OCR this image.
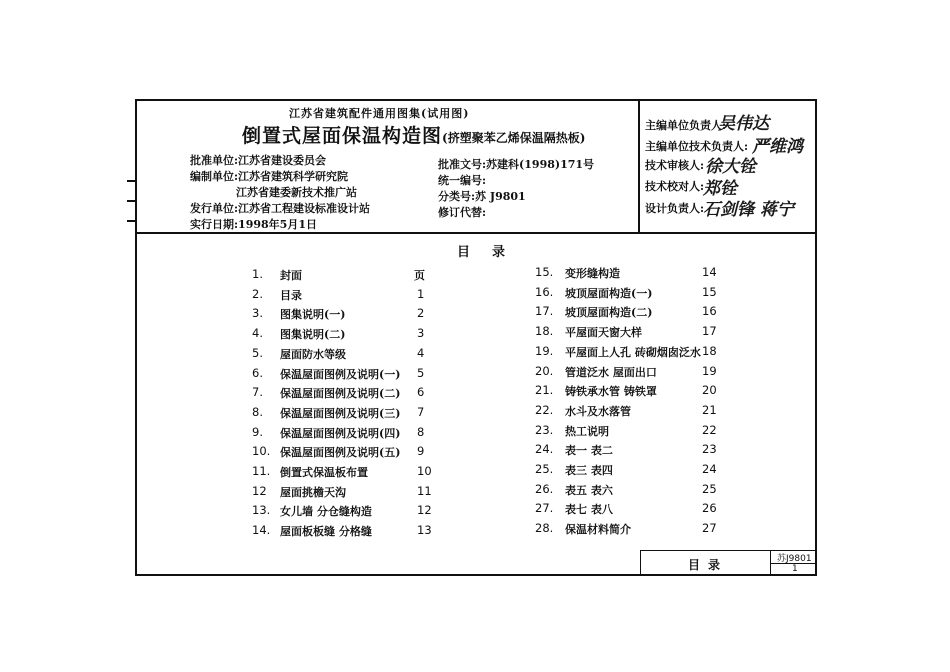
江苏省建筑配件通用图集(试用图)
倒置式屋面保温构造图(挤塑聚苯乙烯保温隔热板)
批准单位:江苏省建设委员会
编制单位:江苏省建筑科学研究院
江苏省建委新技术推广站
发行单位:江苏省工程建设标准设计站
实行日期:1998年5月1日
批准文号:苏建科(1998)171号
统一编号:
分类号:苏 J9801
修订代替:
主编单位负责人:
吴伟达
主编单位技术负责人: 严维鸿
技术审核人: 徐大铨
技术校对人:
郑铨
设计负责人:
石剑锋 蒋宁
目录
页
1. 封面
2. 目录	1
3. 图集说明(一)	2
4. 图集说明(二)	3
5. 屋面防水等级	4
6. 保温屋面图例及说明(一) 5
7. 保温屋面图例及说明(二) 6
8. 保温屋面图例及说明(三) 7
9. 保温屋面图例及说明(四) 8
10. 保温屋面图例及说明(五) 9
11. 倒置式保温板布置	10
12 屋面挑檐天沟	11
13. 女儿墙 分仓缝构造	12
14. 屋面板板缝 分格缝	13
15. 变形缝构造	14
16. 坡顶屋面构造(一)	15
17. 坡顶屋面构造(二)	16
18. 平屋面天窗大样	17
19. 平屋面上人孔 砖砌烟囱泛水 18
20. 管道泛水 屋面出口	19
21. 铸铁承水管 铸铁罩	20
22. 水斗及水落管	21
23. 热工说明	22
24. 表一 表二	23
25. 表三 表四	24
26. 表五 表六	25
27. 表七 表八	26
28. 保温材料简介	27
目录	苏J9801
1
